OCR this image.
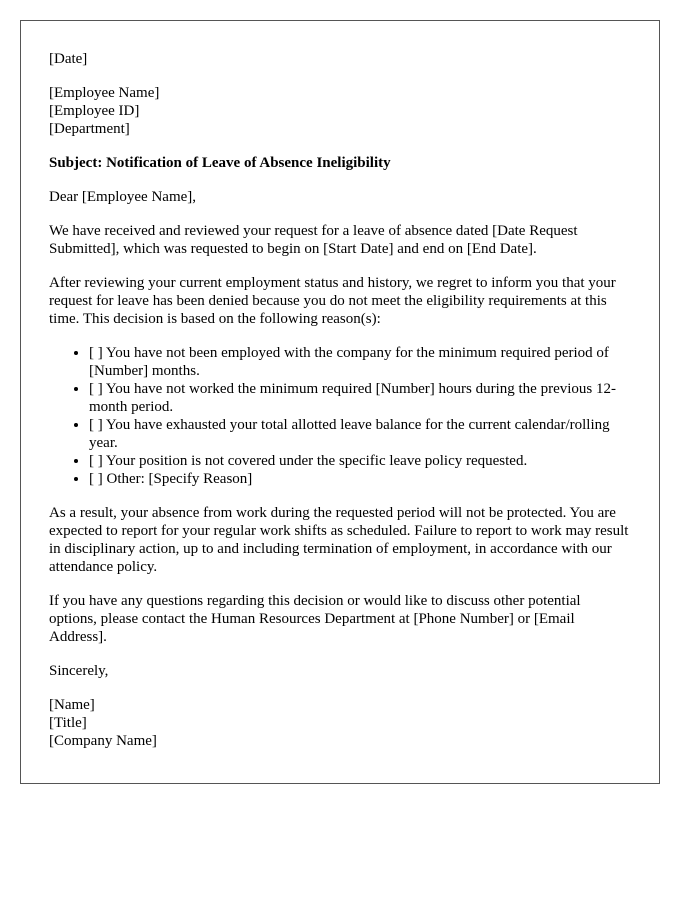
[Date]

[Employee Name]
[Employee ID]
[Department]

Subject: Notification of Leave of Absence Ineligibility

Dear [Employee Name],

We have received and reviewed your request for a leave of absence dated [Date Request Submitted], which was requested to begin on [Start Date] and end on [End Date].

After reviewing your current employment status and history, we regret to inform you that your request for leave has been denied because you do not meet the eligibility requirements at this time. This decision is based on the following reason(s):

• [ ] You have not been employed with the company for the minimum required period of [Number] months.
• [ ] You have not worked the minimum required [Number] hours during the previous 12-month period.
• [ ] You have exhausted your total allotted leave balance for the current calendar/rolling year.
• [ ] Your position is not covered under the specific leave policy requested.
• [ ] Other: [Specify Reason]

As a result, your absence from work during the requested period will not be protected. You are expected to report for your regular work shifts as scheduled. Failure to report to work may result in disciplinary action, up to and including termination of employment, in accordance with our attendance policy.

If you have any questions regarding this decision or would like to discuss other potential options, please contact the Human Resources Department at [Phone Number] or [Email Address].

Sincerely,

[Name]
[Title]
[Company Name]
